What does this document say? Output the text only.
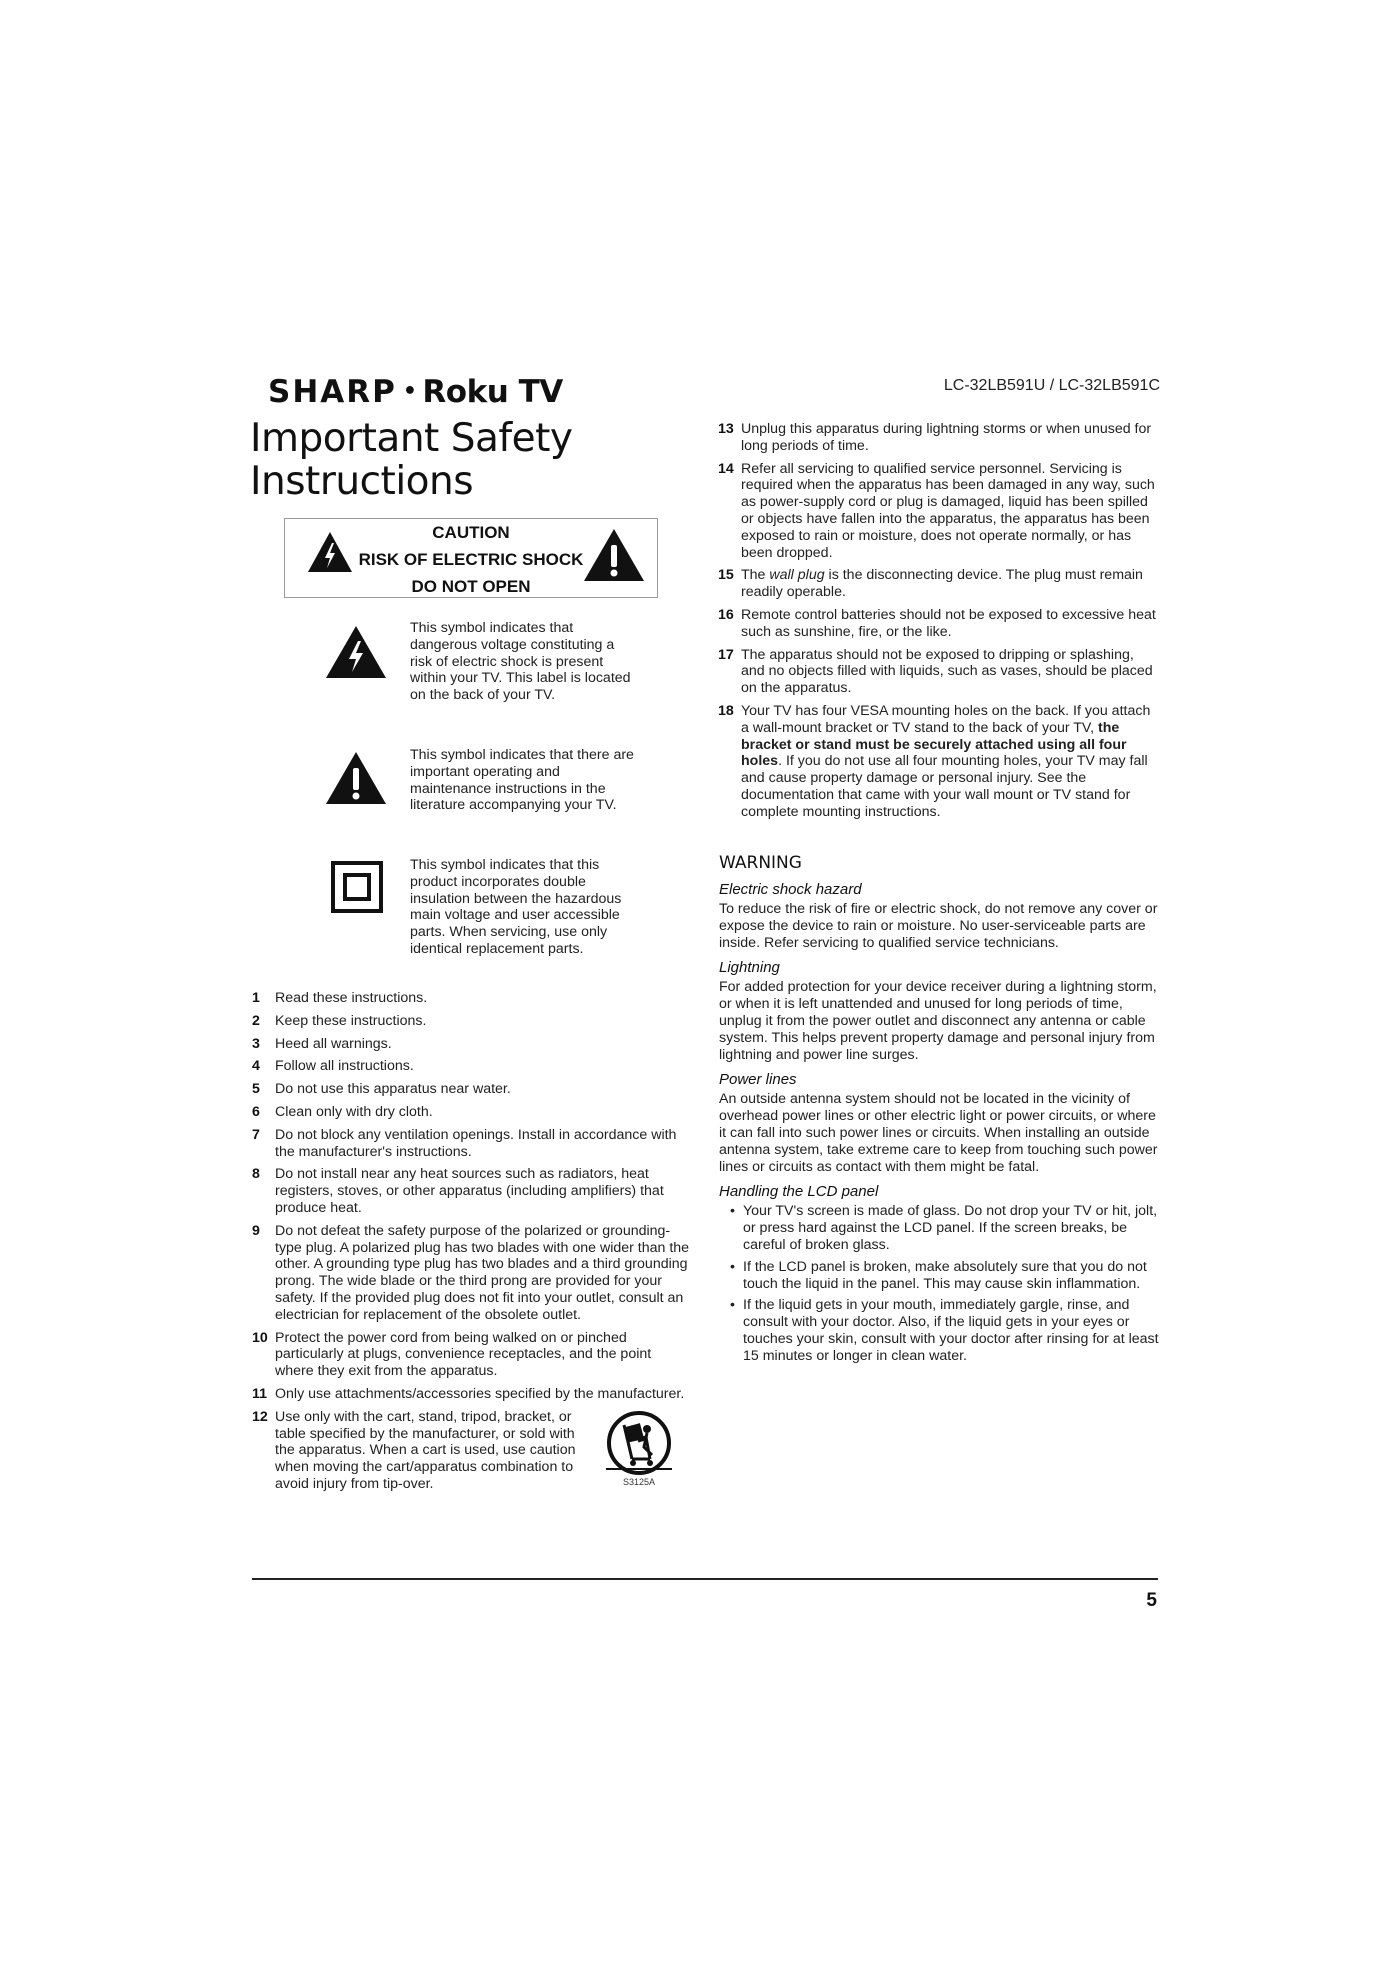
SHARP • Roku TV	LC-32LB591U / LC-32LB591C
Important Safety Instructions
CAUTION
RISK OF ELECTRIC SHOCK
DO NOT OPEN
This symbol indicates that dangerous voltage constituting a risk of electric shock is present within your TV. This label is located on the back of your TV.
This symbol indicates that there are important operating and maintenance instructions in the literature accompanying your TV.
This symbol indicates that this product incorporates double insulation between the hazardous main voltage and user accessible parts. When servicing, use only identical replacement parts.
1 Read these instructions.
2 Keep these instructions.
3 Heed all warnings.
4 Follow all instructions.
5 Do not use this apparatus near water.
6 Clean only with dry cloth.
7 Do not block any ventilation openings. Install in accordance with the manufacturer's instructions.
8 Do not install near any heat sources such as radiators, heat registers, stoves, or other apparatus (including amplifiers) that produce heat.
9 Do not defeat the safety purpose of the polarized or grounding-type plug. A polarized plug has two blades with one wider than the other. A grounding type plug has two blades and a third grounding prong. The wide blade or the third prong are provided for your safety. If the provided plug does not fit into your outlet, consult an electrician for replacement of the obsolete outlet.
10 Protect the power cord from being walked on or pinched particularly at plugs, convenience receptacles, and the point where they exit from the apparatus.
11 Only use attachments/accessories specified by the manufacturer.
12 Use only with the cart, stand, tripod, bracket, or table specified by the manufacturer, or sold with the apparatus. When a cart is used, use caution when moving the cart/apparatus combination to avoid injury from tip-over.	S3125A
13 Unplug this apparatus during lightning storms or when unused for long periods of time.
14 Refer all servicing to qualified service personnel. Servicing is required when the apparatus has been damaged in any way, such as power-supply cord or plug is damaged, liquid has been spilled or objects have fallen into the apparatus, the apparatus has been exposed to rain or moisture, does not operate normally, or has been dropped.
15 The wall plug is the disconnecting device. The plug must remain readily operable.
16 Remote control batteries should not be exposed to excessive heat such as sunshine, fire, or the like.
17 The apparatus should not be exposed to dripping or splashing, and no objects filled with liquids, such as vases, should be placed on the apparatus.
18 Your TV has four VESA mounting holes on the back. If you attach a wall-mount bracket or TV stand to the back of your TV, the bracket or stand must be securely attached using all four holes. If you do not use all four mounting holes, your TV may fall and cause property damage or personal injury. See the documentation that came with your wall mount or TV stand for complete mounting instructions.
WARNING
Electric shock hazard

To reduce the risk of fire or electric shock, do not remove any cover or expose the device to rain or moisture. No user-serviceable parts are inside. Refer servicing to qualified service technicians.

Lightning

For added protection for your device receiver during a lightning storm, or when it is left unattended and unused for long periods of time, unplug it from the power outlet and disconnect any antenna or cable system. This helps prevent property damage and personal injury from lightning and power line surges.

Power lines

An outside antenna system should not be located in the vicinity of overhead power lines or other electric light or power circuits, or where it can fall into such power lines or circuits. When installing an outside antenna system, take extreme care to keep from touching such power lines or circuits as contact with them might be fatal.

Handling the LCD panel
• Your TV's screen is made of glass. Do not drop your TV or hit, jolt, or press hard against the LCD panel. If the screen breaks, be careful of broken glass.
• If the LCD panel is broken, make absolutely sure that you do not touch the liquid in the panel. This may cause skin inflammation.
• If the liquid gets in your mouth, immediately gargle, rinse, and consult with your doctor. Also, if the liquid gets in your eyes or touches your skin, consult with your doctor after rinsing for at least 15 minutes or longer in clean water.
5
